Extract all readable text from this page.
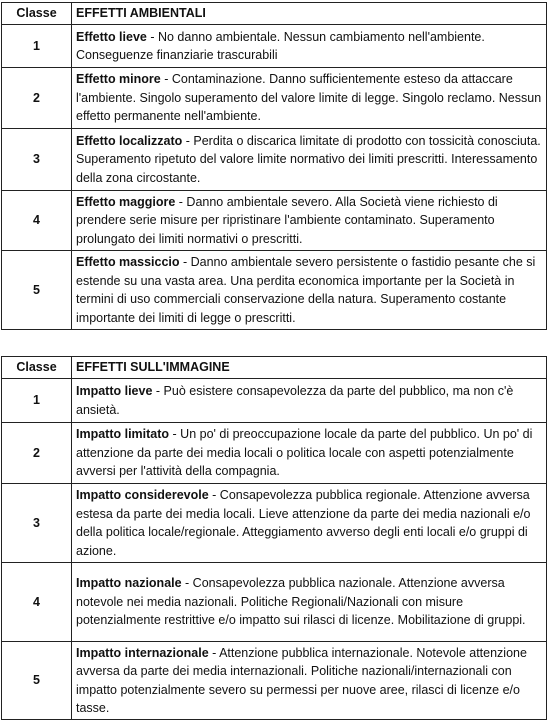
Classe	EFFETTI AMBIENTALI
1	Effetto lieve - No danno ambientale. Nessun cambiamento nell'ambiente. Conseguenze finanziarie trascurabili
2	Effetto minore - Contaminazione. Danno sufficientemente esteso da attaccare l'ambiente. Singolo superamento del valore limite di legge. Singolo reclamo. Nessun effetto permanente nell'ambiente.
3	Effetto localizzato - Perdita o discarica limitate di prodotto con tossicità conosciuta. Superamento ripetuto del valore limite normativo dei limiti prescritti. Interessamento della zona circostante.
4	Effetto maggiore - Danno ambientale severo. Alla Società viene richiesto di prendere serie misure per ripristinare l'ambiente contaminato. Superamento prolungato dei limiti normativi o prescritti.
5	Effetto massiccio - Danno ambientale severo persistente o fastidio pesante che si estende su una vasta area. Una perdita economica importante per la Società in termini di uso commerciali conservazione della natura. Superamento costante importante dei limiti di legge o prescritti.
Classe	EFFETTI SULL'IMMAGINE
1	Impatto lieve - Può esistere consapevolezza da parte del pubblico, ma non c'è ansietà.
2	Impatto limitato - Un po' di preoccupazione locale da parte del pubblico. Un po' di attenzione da parte dei media locali o politica locale con aspetti potenzialmente avversi per l'attività della compagnia.
3	Impatto considerevole - Consapevolezza pubblica regionale. Attenzione avversa estesa da parte dei media locali. Lieve attenzione da parte dei media nazionali e/o della politica locale/regionale. Atteggiamento avverso degli enti locali e/o gruppi di azione.
4	Impatto nazionale - Consapevolezza pubblica nazionale. Attenzione avversa notevole nei media nazionali. Politiche Regionali/Nazionali con misure potenzialmente restrittive e/o impatto sui rilasci di licenze. Mobilitazione di gruppi.
5	Impatto internazionale - Attenzione pubblica internazionale. Notevole attenzione avversa da parte dei media internazionali. Politiche nazionali/internazionali con impatto potenzialmente severo su permessi per nuove aree, rilasci di licenze e/o tasse.
